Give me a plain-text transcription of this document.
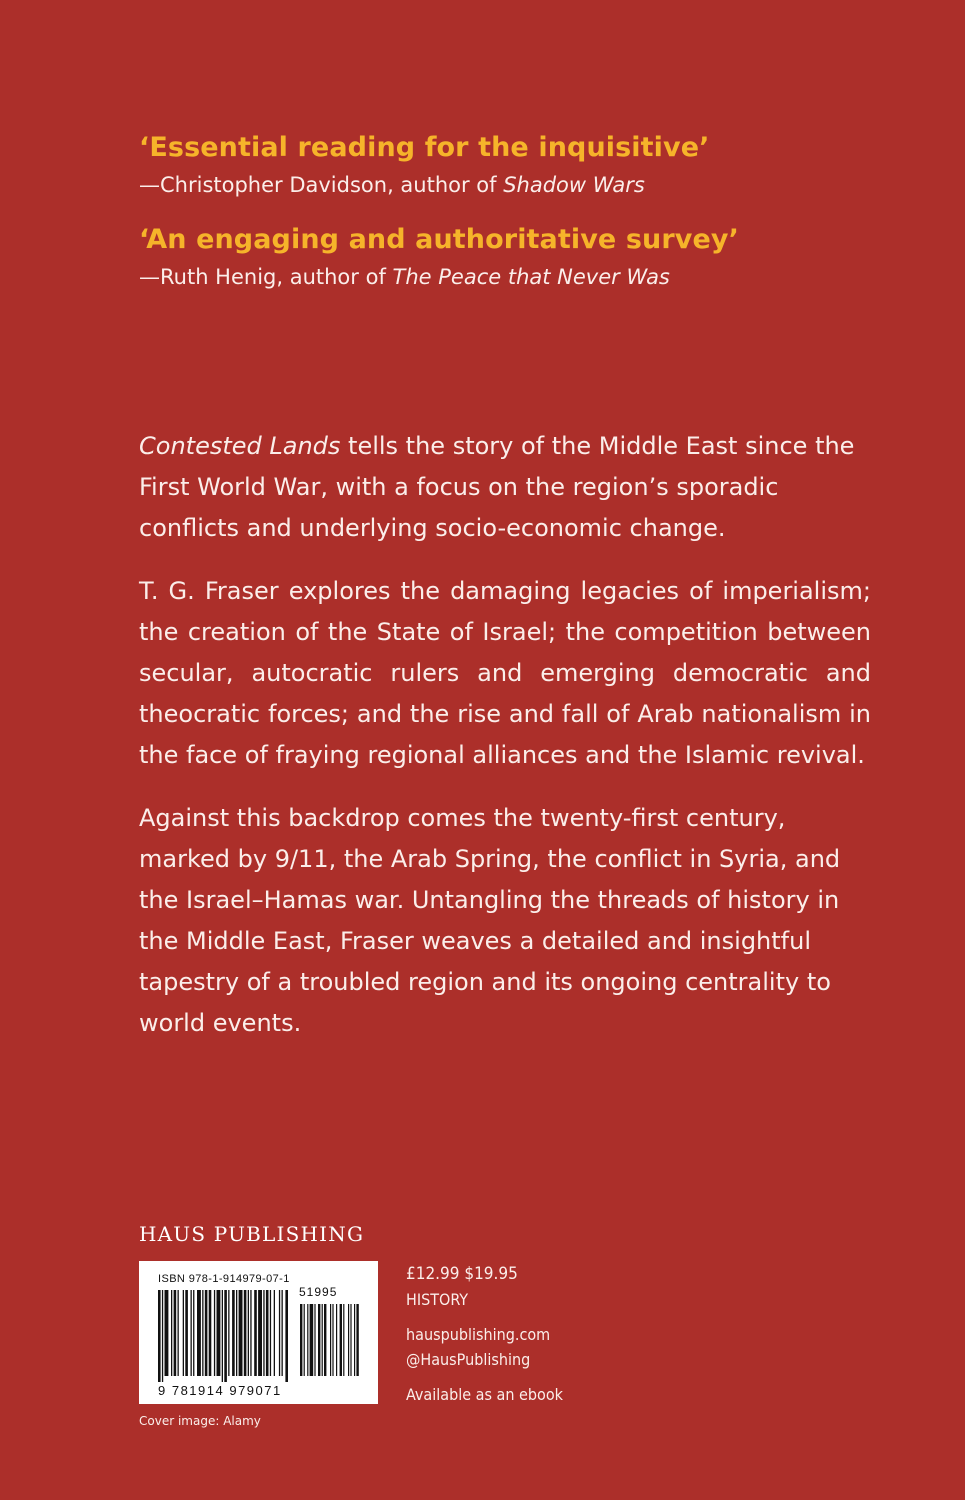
‘Essential reading for the inquisitive’
—Christopher Davidson, author of Shadow Wars
‘An engaging and authoritative survey’
—Ruth Henig, author of The Peace that Never Was

Contested Lands tells the story of the Middle East since the First World War, with a focus on the region’s sporadic conflicts and underlying socio-economic change.

T. G. Fraser explores the damaging legacies of imperialism; the creation of the State of Israel; the competition between secular, autocratic rulers and emerging democratic and theocratic forces; and the rise and fall of Arab nationalism in the face of fraying regional alliances and the Islamic revival.

Against this backdrop comes the twenty-first century, marked by 9/11, the Arab Spring, the conflict in Syria, and the Israel–Hamas war. Untangling the threads of history in the Middle East, Fraser weaves a detailed and insightful tapestry of a troubled region and its ongoing centrality to world events.

HAUS PUBLISHING
ISBN 978-1-914979-07-1
51995
9 781914 979071
£12.99 $19.95
HISTORY
hauspublishing.com
@HausPublishing
Available as an ebook
Cover image: Alamy
